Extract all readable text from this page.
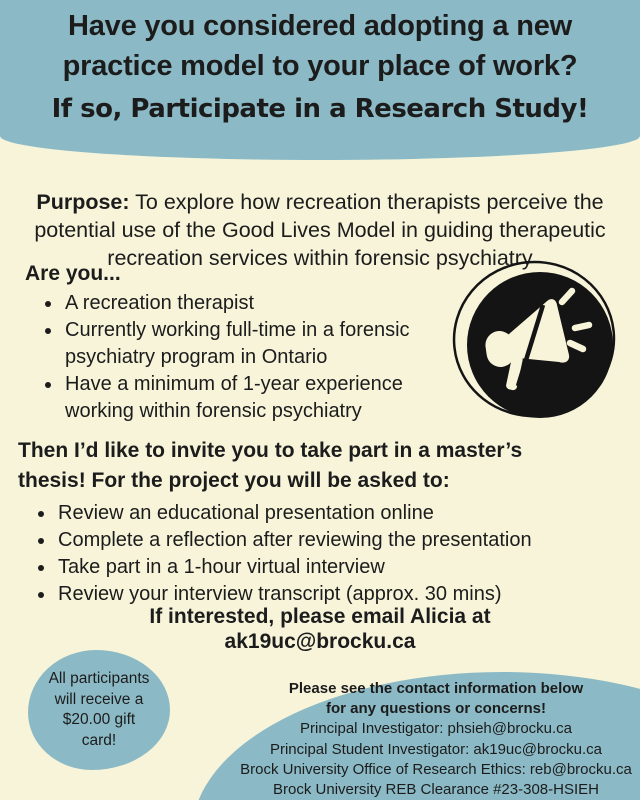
Have you considered adopting a new practice model to your place of work?
If so, Participate in a Research Study!

Purpose: To explore how recreation therapists perceive the potential use of the Good Lives Model in guiding therapeutic recreation services within forensic psychiatry

Are you...
• A recreation therapist
• Currently working full-time in a forensic psychiatry program in Ontario
• Have a minimum of 1-year experience working within forensic psychiatry
Then I’d like to invite you to take part in a master’s thesis! For the project you will be asked to:
• Review an educational presentation online
• Complete a reflection after reviewing the presentation
• Take part in a 1-hour virtual interview
• Review your interview transcript (approx. 30 mins)
If interested, please email Alicia at
ak19uc@brocku.ca
All participants will receive a $20.00 gift card!
Please see the contact information below
for any questions or concerns!
Principal Investigator: phsieh@brocku.ca
Principal Student Investigator: ak19uc@brocku.ca
Brock University Office of Research Ethics: reb@brocku.ca
Brock University REB Clearance #23-308-HSIEH
